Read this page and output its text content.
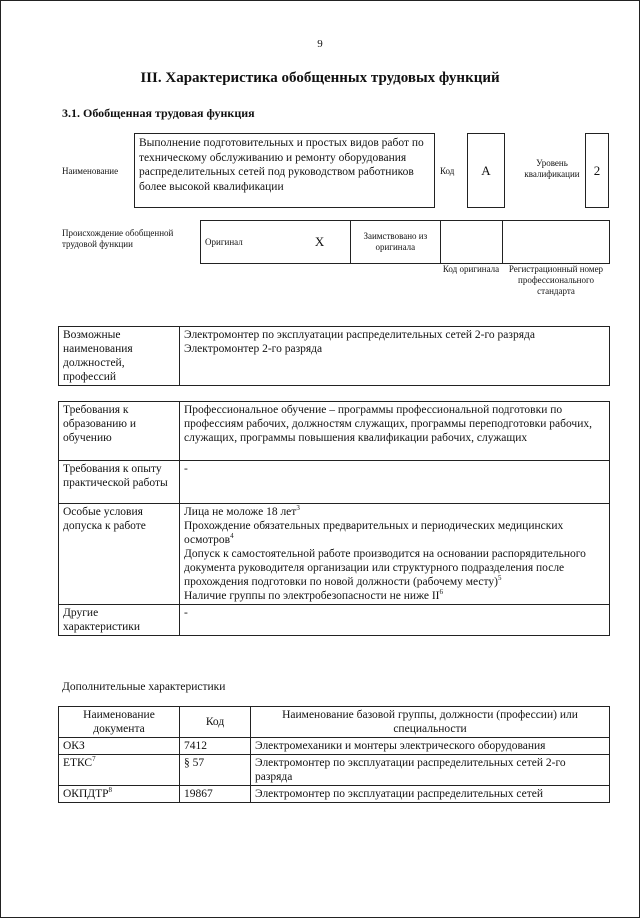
9
III. Характеристика обобщенных трудовых функций
3.1. Обобщенная трудовая функция
Наименование
Выполнение подготовительных и простых видов работ по техническому обслуживанию и ремонту оборудования распределительных сетей под руководством работников более высокой квалификации
Код	A	Уровень квалификации	2
Происхождение обобщенной трудовой функции	Оригинал	X	Заимствовано из оригинала		
Код оригинала	Регистрационный номер профессионального стандарта
Возможные наименования должностей, профессий	
Электромонтер по эксплуатации распределительных сетей 2-го разряда
Электромонтер 2-го разряда
Требования к образованию и обучению	Профессиональное обучение – программы профессиональной подготовки по профессиям рабочих, должностям служащих, программы переподготовки рабочих, служащих, программы повышения квалификации рабочих, служащих
Требования к опыту практической работы	-
Особые условия допуска к работе	Лица не моложе 18 лет$^3$
Прохождение обязательных предварительных и периодических медицинских осмотров$^4$
Допуск к самостоятельной работе производится на основании распорядительного документа руководителя организации или структурного подразделения после прохождения подготовки по новой должности (рабочему месту)$^5$
Наличие группы по электробезопасности не ниже $II^6$

Другие характеристики	-
Дополнительные характеристики
Наименование документа	Код	Наименование базовой группы, должности (профессии) или специальности
ОКЗ	7412	Электромеханики и монтеры электрического оборудования
ЕТКС$^7$	§ 57	Электромонтер по эксплуатации распределительных сетей 2-го разряда
ОКПДТР$^8$	19867	Электромонтер по эксплуатации распределительных сетей
